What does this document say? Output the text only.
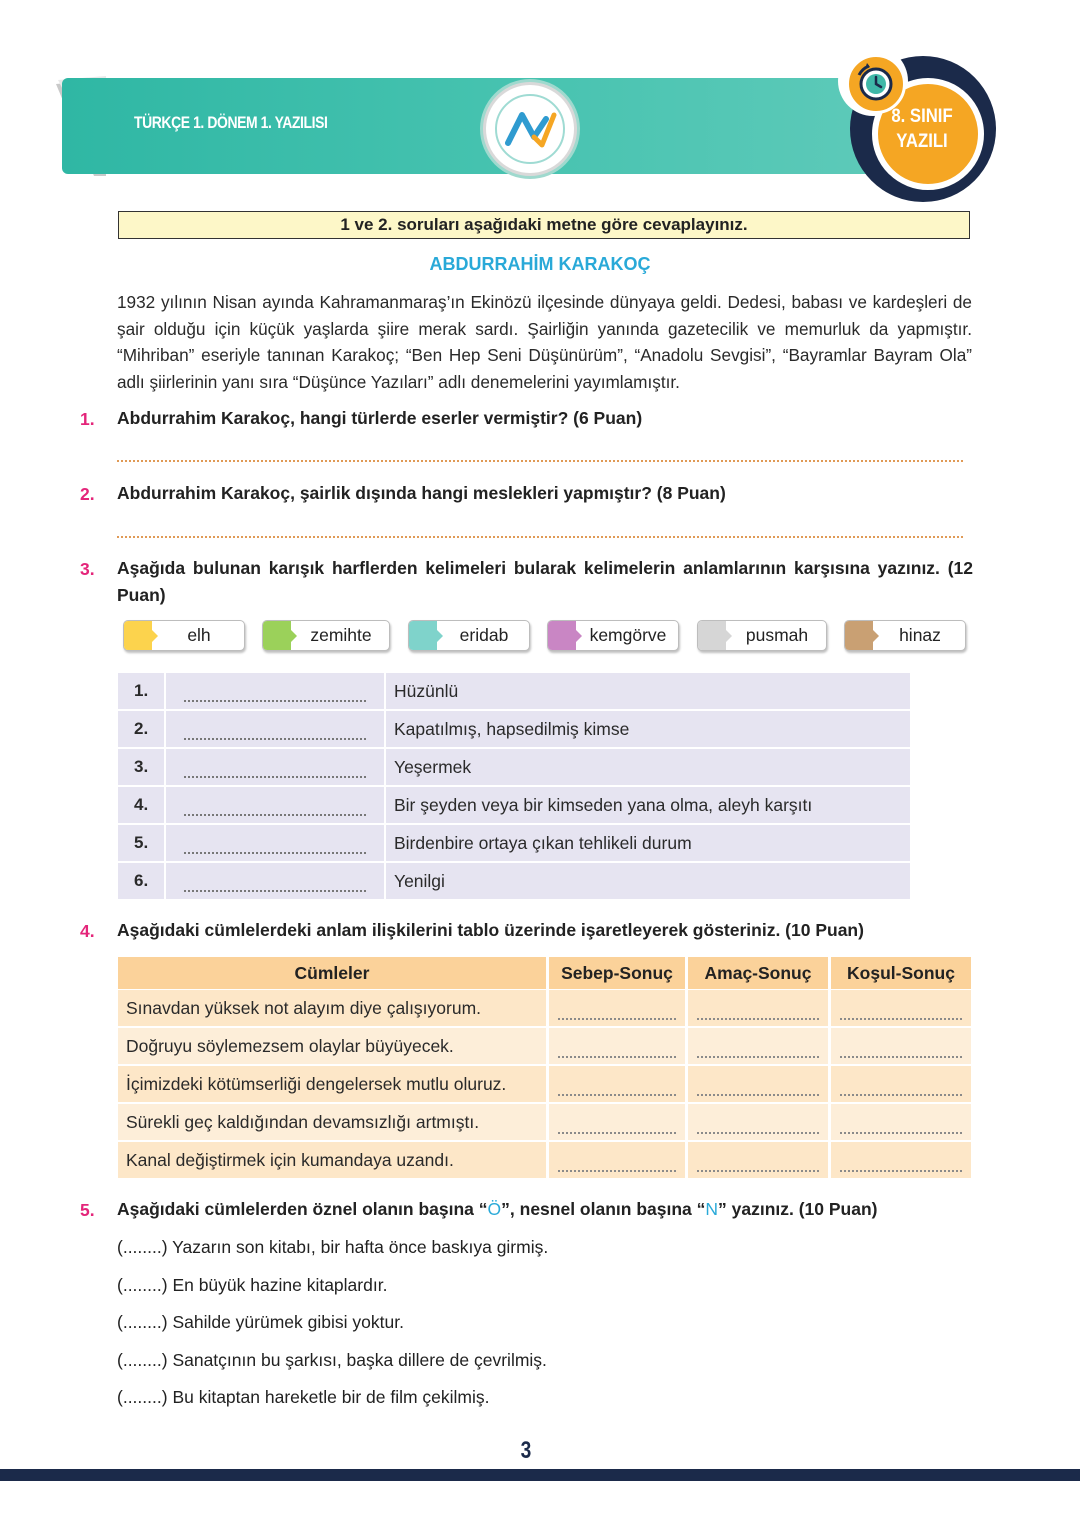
TÜRKÇE 1. DÖNEM 1. YAZILISI	8. SINIF
YAZILI
1 ve 2. soruları aşağıdaki metne göre cevaplayınız.
ABDURRAHİM KARAKOÇ
1932 yılının Nisan ayında Kahramanmaraş’ın Ekinözü ilçesinde dünyaya geldi. Dedesi, babası ve kardeşleri de şair olduğu için küçük yaşlarda şiire merak sardı. Şairliğin yanında gazetecilik ve memurluk da yapmıştır. “Mihriban” eseriyle tanınan Karakoç; “Ben Hep Seni Düşünürüm”, “Anadolu Sevgisi”, “Bayramlar Bayram Ola” adlı şiirlerinin yanı sıra “Düşünce Yazıları” adlı denemelerini yayımlamıştır.
1. Abdurrahim Karakoç, hangi türlerde eserler vermiştir? (6 Puan)
2. Abdurrahim Karakoç, şairlik dışında hangi meslekleri yapmıştır? (8 Puan)
3. Aşağıda bulunan karışık harflerden kelimeleri bularak kelimelerin anlamlarının karşısına yazınız. (12 Puan)
elh	zemihte	eridab	kemgörve	pusmah	hinaz
1.	Hüzünlü
2.	Kapatılmış, hapsedilmiş kimse
3.	Yeşermek
4.	Bir şeyden veya bir kimseden yana olma, aleyh karşıtı
5.	Birdenbire ortaya çıkan tehlikeli durum
6.	Yenilgi
4. Aşağıdaki cümlelerdeki anlam ilişkilerini tablo üzerinde işaretleyerek gösteriniz. (10 Puan)
Cümleler	Sebep-Sonuç	Amaç-Sonuç	Koşul-Sonuç
Sınavdan yüksek not alayım diye çalışıyorum.
Doğruyu söylemezsem olaylar büyüyecek.
İçimizdeki kötümserliği dengelersek mutlu oluruz.
Sürekli geç kaldığından devamsızlığı artmıştı.
Kanal değiştirmek için kumandaya uzandı.
5. Aşağıdaki cümlelerden öznel olanın başına “Ö”, nesnel olanın başına “N” yazınız. (10 Puan)
(........) Yazarın son kitabı, bir hafta önce baskıya girmiş.
(........) En büyük hazine kitaplardır.
(........) Sahilde yürümek gibisi yoktur.
(........) Sanatçının bu şarkısı, başka dillere de çevrilmiş.
(........) Bu kitaptan hareketle bir de film çekilmiş.
3
